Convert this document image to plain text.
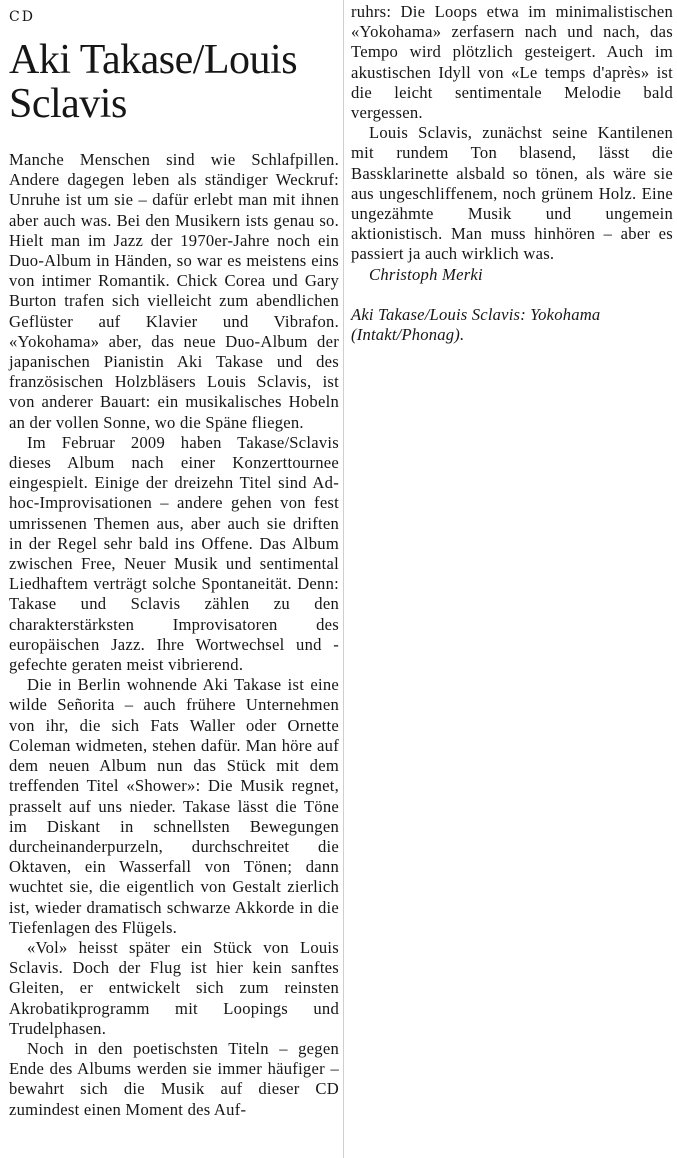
CD
Aki Takase/Louis Sclavis

Manche Menschen sind wie Schlafpillen. Andere dagegen leben als ständiger Weckruf: Unruhe ist um sie – dafür erlebt man mit ihnen aber auch was. Bei den Musikern ists genau so. Hielt man im Jazz der 1970er-Jahre noch ein Duo-Album in Händen, so war es meistens eins von intimer Romantik. Chick Corea und Gary Burton trafen sich vielleicht zum abendlichen Geflüster auf Klavier und Vibrafon. «Yokohama» aber, das neue Duo-Album der japanischen Pianistin Aki Takase und des französischen Holzbläsers Louis Sclavis, ist von anderer Bauart: ein musikalisches Hobeln an der vollen Sonne, wo die Späne fliegen.

Im Februar 2009 haben Takase/Sclavis dieses Album nach einer Konzerttournee eingespielt. Einige der dreizehn Titel sind Ad-hoc-Improvisationen – andere gehen von fest umrissenen Themen aus, aber auch sie driften in der Regel sehr bald ins Offene. Das Album zwischen Free, Neuer Musik und sentimental Liedhaftem verträgt solche Spontaneität. Denn: Takase und Sclavis zählen zu den charakterstärksten Improvisatoren des europäischen Jazz. Ihre Wortwechsel und -gefechte geraten meist vibrierend.

Die in Berlin wohnende Aki Takase ist eine wilde Señorita – auch frühere Unternehmen von ihr, die sich Fats Waller oder Ornette Coleman widmeten, stehen dafür. Man höre auf dem neuen Album nun das Stück mit dem treffenden Titel «Shower»: Die Musik regnet, prasselt auf uns nieder. Takase lässt die Töne im Diskant in schnellsten Bewegungen durcheinanderpurzeln, durchschreitet die Oktaven, ein Wasserfall von Tönen; dann wuchtet sie, die eigentlich von Gestalt zierlich ist, wieder dramatisch schwarze Akkorde in die Tiefenlagen des Flügels.

«Vol» heisst später ein Stück von Louis Sclavis. Doch der Flug ist hier kein sanftes Gleiten, er entwickelt sich zum reinsten Akrobatikprogramm mit Loopings und Trudelphasen.

Noch in den poetischsten Titeln – gegen Ende des Albums werden sie immer häufiger – bewahrt sich die Musik auf dieser CD zumindest einen Moment des Auf-

ruhrs: Die Loops etwa im minimalistischen «Yokohama» zerfasern nach und nach, das Tempo wird plötzlich gesteigert. Auch im akustischen Idyll von «Le temps d'après» ist die leicht sentimentale Melodie bald vergessen.

Louis Sclavis, zunächst seine Kantilenen mit rundem Ton blasend, lässt die Bassklarinette alsbald so tönen, als wäre sie aus ungeschliffenem, noch grünem Holz. Eine ungezähmte Musik und ungemein aktionistisch. Man muss hinhören – aber es passiert ja auch wirklich was.

Christoph Merki

Aki Takase/Louis Sclavis: Yokohama
(Intakt/Phonag).
